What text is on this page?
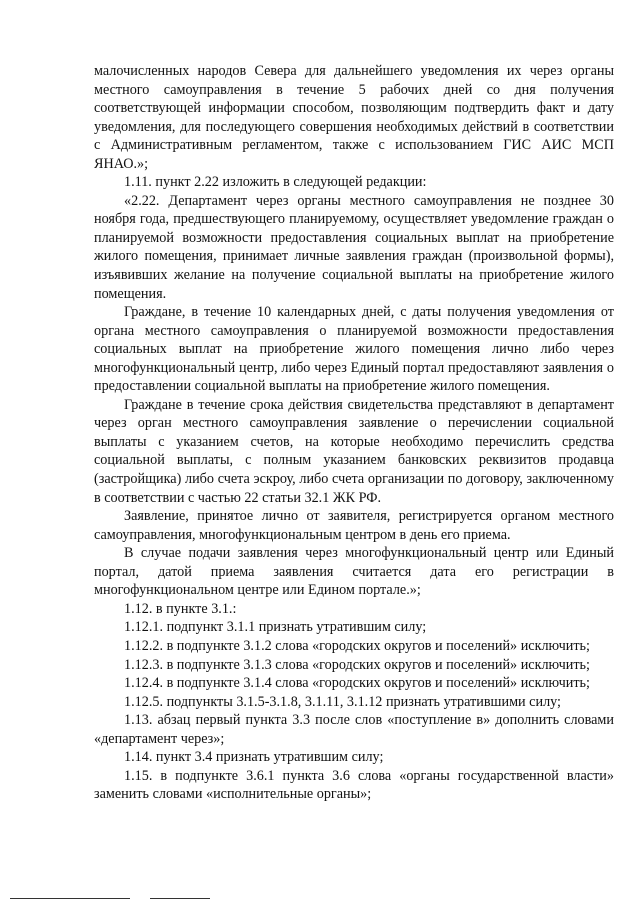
малочисленных народов Севера для дальнейшего уведомления их через органы местного самоуправления в течение 5 рабочих дней со дня получения соответствующей информации способом, позволяющим подтвердить факт и дату уведомления, для последующего совершения необходимых действий в соответствии с Административным регламентом, также с использованием ГИС АИС МСП ЯНАО.»;

1.11. пункт 2.22 изложить в следующей редакции:

«2.22. Департамент через органы местного самоуправления не позднее 30 ноября года, предшествующего планируемому, осуществляет уведомление граждан о планируемой возможности предоставления социальных выплат на приобретение жилого помещения, принимает личные заявления граждан (произвольной формы), изъявивших желание на получение социальной выплаты на приобретение жилого помещения.

Граждане, в течение 10 календарных дней, с даты получения уведомления от органа местного самоуправления о планируемой возможности предоставления социальных выплат на приобретение жилого помещения лично либо через многофункциональный центр, либо через Единый портал предоставляют заявления о предоставлении социальной выплаты на приобретение жилого помещения.

Граждане в течение срока действия свидетельства представляют в департамент через орган местного самоуправления заявление о перечислении социальной выплаты с указанием счетов, на которые необходимо перечислить средства социальной выплаты, с полным указанием банковских реквизитов продавца (застройщика) либо счета эскроу, либо счета организации по договору, заключенному в соответствии с частью 22 статьи 32.1 ЖК РФ.

Заявление, принятое лично от заявителя, регистрируется органом местного самоуправления, многофункциональным центром в день его приема.

В случае подачи заявления через многофункциональный центр или Единый портал, датой приема заявления считается дата его регистрации в многофункциональном центре или Едином портале.»;

1.12. в пункте 3.1.:

1.12.1. подпункт 3.1.1 признать утратившим силу;

1.12.2. в подпункте 3.1.2 слова «городских округов и поселений» исключить;

1.12.3. в подпункте 3.1.3 слова «городских округов и поселений» исключить;

1.12.4. в подпункте 3.1.4 слова «городских округов и поселений» исключить;

1.12.5. подпункты 3.1.5-3.1.8, 3.1.11, 3.1.12 признать утратившими силу;

1.13. абзац первый пункта 3.3 после слов «поступление в» дополнить словами «департамент через»;

1.14. пункт 3.4 признать утратившим силу;

1.15. в подпункте 3.6.1 пункта 3.6 слова «органы государственной власти» заменить словами «исполнительные органы»;
